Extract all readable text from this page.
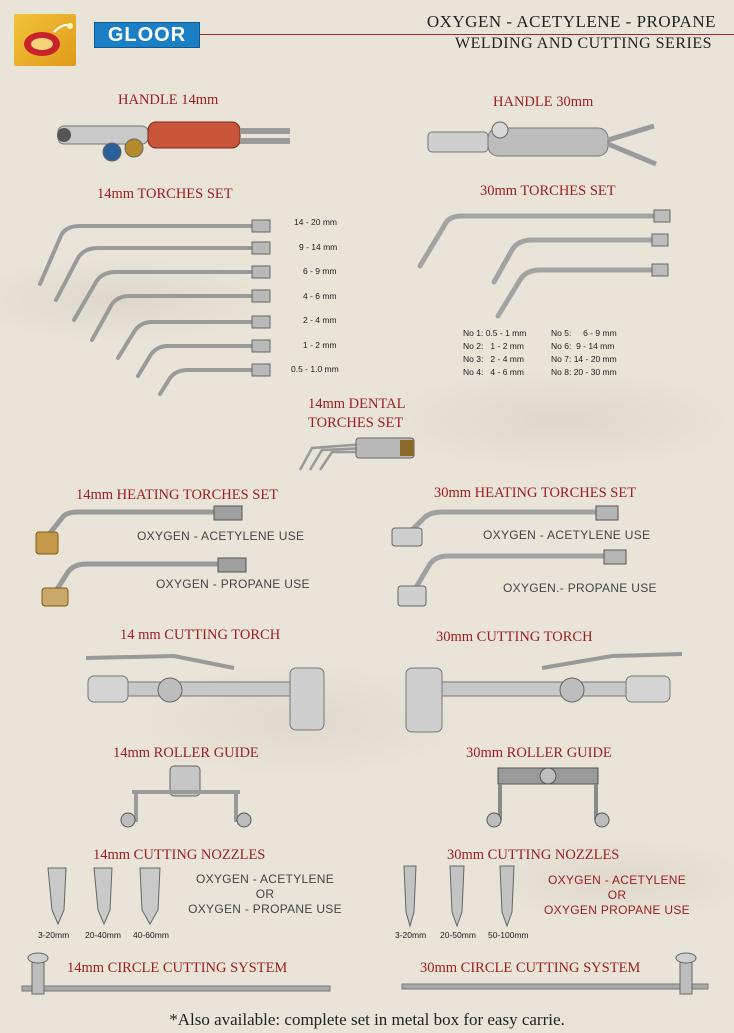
GLOOR
OXYGEN - ACETYLENE - PROPANE
WELDING AND CUTTING SERIES
HANDLE 14mm	HANDLE 30mm
14mm TORCHES SET
14 - 20 mm
9 - 14 mm
6 - 9 mm
4 - 6 mm
2 - 4 mm
1 - 2 mm
0.5 - 1.0 mm
30mm TORCHES SET
No 1: 0.5 - 1 mm
No 2: 1 - 2 mm
No 3: 2 - 4 mm
No 4: 4 - 6 mm
No 5: 6 - 9 mm
No 6: 9 - 14 mm
No 7: 14 - 20 mm
No 8: 20 - 30 mm
14mm DENTAL
TORCHES SET
14mm HEATING TORCHES SET
OXYGEN - ACETYLENE USE
OXYGEN - PROPANE USE
30mm HEATING TORCHES SET
OXYGEN - ACETYLENE USE
OXYGEN.- PROPANE USE
14 mm CUTTING TORCH	30mm CUTTING TORCH
14mm ROLLER GUIDE	30mm ROLLER GUIDE
14mm CUTTING NOZZLES
3-20mm 20-40mm 40-60mm
OXYGEN - ACETYLENE
OR
OXYGEN - PROPANE USE
30mm CUTTING NOZZLES
3-20mm 20-50mm 50-100mm
OXYGEN - ACETYLENE
OR
OXYGEN PROPANE USE
14mm CIRCLE CUTTING SYSTEM	30mm CIRCLE CUTTING SYSTEM
*Also available: complete set in metal box for easy carrie.
